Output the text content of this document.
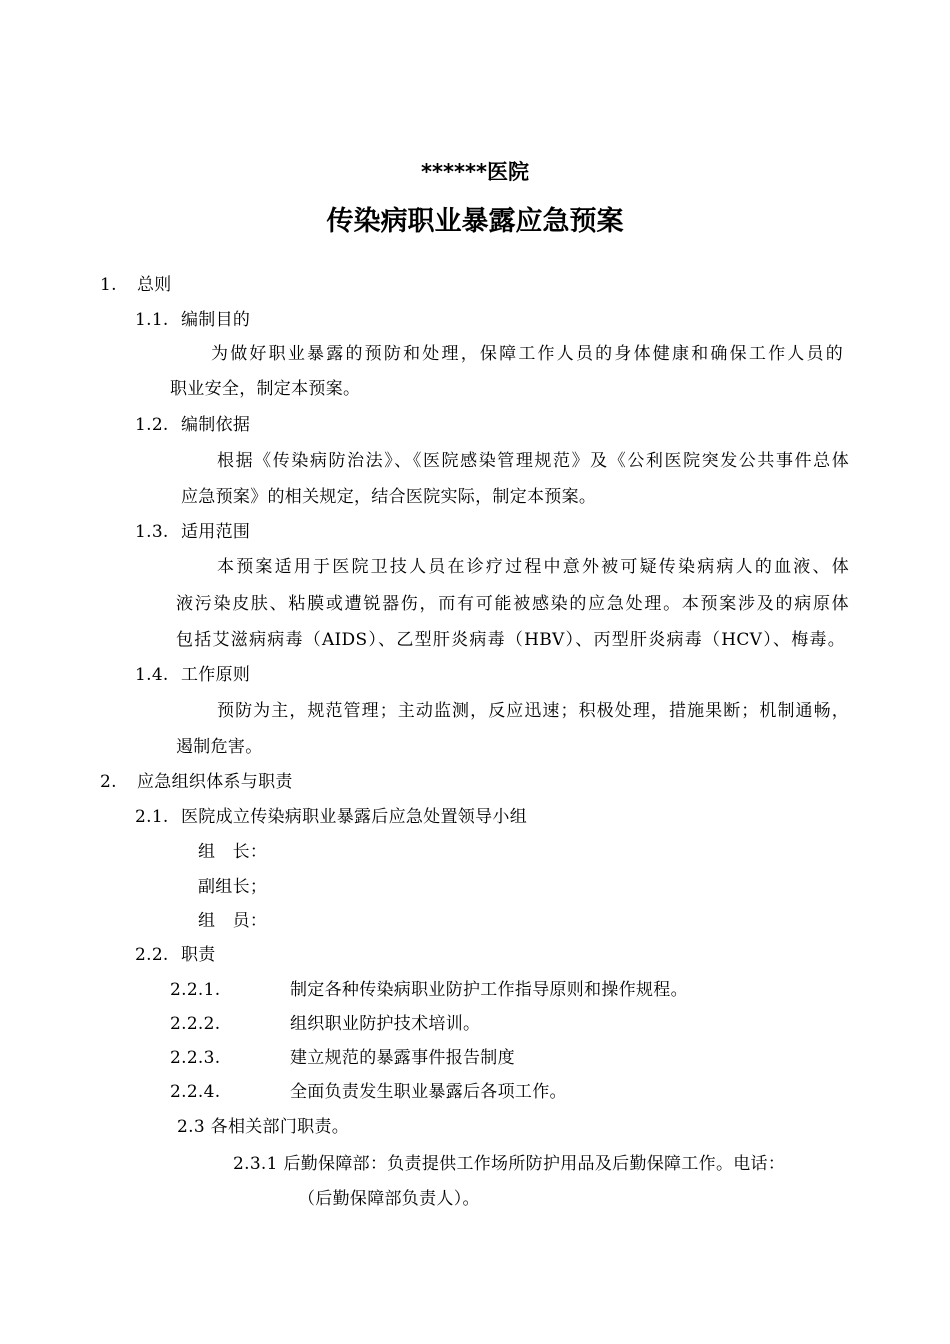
******医院
传染病职业暴露应急预案
1. 总则
1.1. 编制目的
为做好职业暴露的预防和处理，保障工作人员的身体健康和确保工作人员的
职业安全，制定本预案。
1.2. 编制依据
根据《传染病防治法》、《医院感染管理规范》及《公利医院突发公共事件总体
应急预案》的相关规定，结合医院实际，制定本预案。
1.3. 适用范围
本预案适用于医院卫技人员在诊疗过程中意外被可疑传染病病人的血液、体
液污染皮肤、粘膜或遭锐器伤，而有可能被感染的应急处理。本预案涉及的病原体
包括艾滋病病毒（AIDS）、乙型肝炎病毒（HBV）、丙型肝炎病毒（HCV）、梅毒。
1.4. 工作原则
预防为主，规范管理；主动监测，反应迅速；积极处理，措施果断；机制通畅，
遏制危害。
2. 应急组织体系与职责
2.1. 医院成立传染病职业暴露后应急处置领导小组
组　长：
副组长；
组　员：
2.2. 职责
2.2.1.	制定各种传染病职业防护工作指导原则和操作规程。
2.2.2.	组织职业防护技术培训。
2.2.3.	建立规范的暴露事件报告制度
2.2.4.	全面负责发生职业暴露后各项工作。
2.3 各相关部门职责。
2.3.1 后勤保障部：负责提供工作场所防护用品及后勤保障工作。电话：
（后勤保障部负责人）。
